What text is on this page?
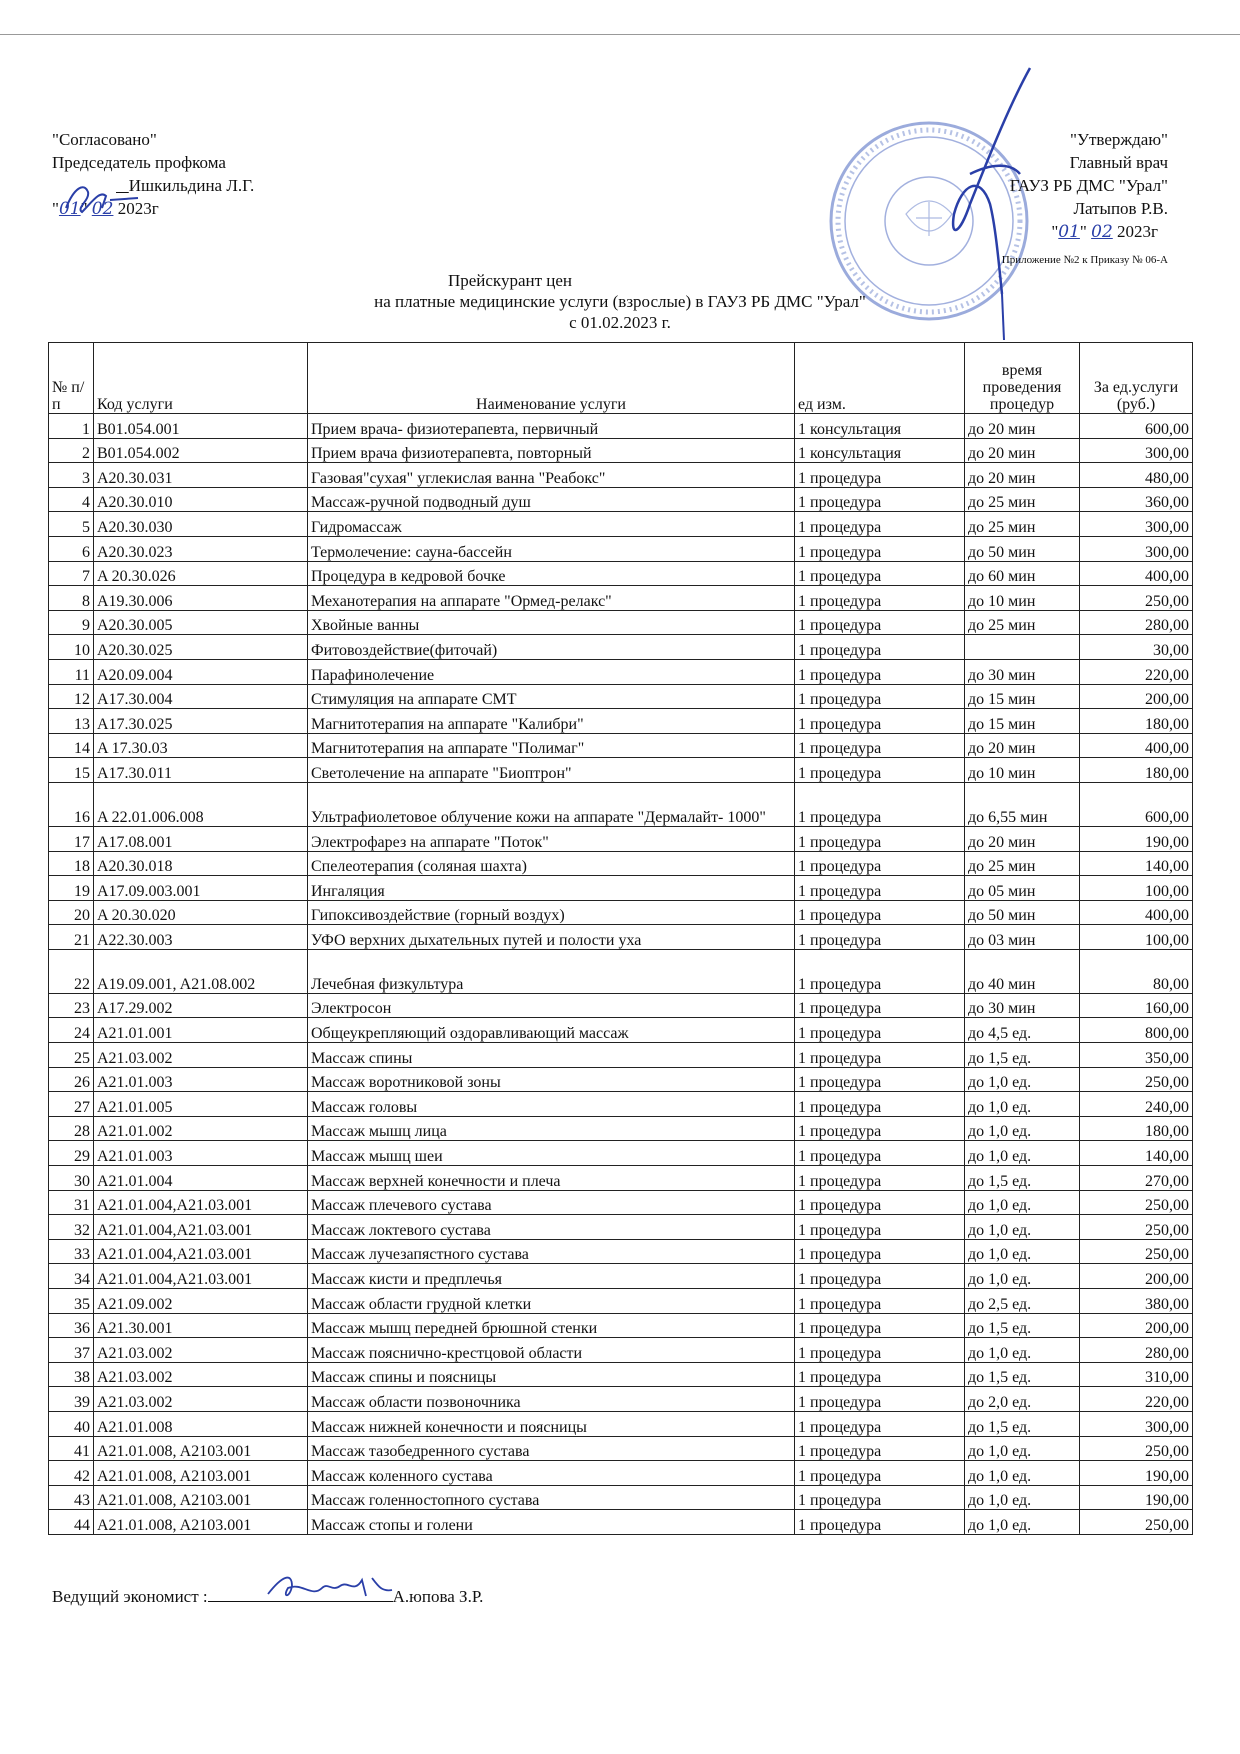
"Согласовано"
Председатель профкома
Ишкильдина Л.Г.
"01" 02 2023г
"Утверждаю"
Главный врач
ГАУЗ РБ ДМС "Урал"
Латыпов Р.В.
"01" 02 2023г
Приложение №2 к Приказу № 06-А
Прейскурант цен
на платные медицинские услуги (взрослые) в ГАУЗ РБ ДМС "Урал"
с 01.02.2023 г.
№ п/п	Код услуги	Наименование услуги	ед изм.	время проведения процедур	За ед.услуги (руб.)
1	B01.054.001	Прием врача- физиотерапевта, первичный	1 консультация	до 20 мин	600,00
2	B01.054.002	Прием врача физиотерапевта, повторный	1 консультация	до 20 мин	300,00
3	A20.30.031	Газовая"сухая" углекислая ванна "Реабокс"	1 процедура	до 20 мин	480,00
4	A20.30.010	Массаж-ручной подводный душ	1 процедура	до 25 мин	360,00
5	A20.30.030	Гидромассаж	1 процедура	до 25 мин	300,00
6	A20.30.023	Термолечение: сауна-бассейн	1 процедура	до 50 мин	300,00
7	A 20.30.026	Процедура в кедровой бочке	1 процедура	до 60 мин	400,00
8	A19.30.006	Механотерапия на аппарате "Ормед-релакс"	1 процедура	до 10 мин	250,00
9	A20.30.005	Хвойные ванны	1 процедура	до 25 мин	280,00
10	A20.30.025	Фитовоздействие(фиточай)	1 процедура		30,00
11	A20.09.004	Парафинолечение	1 процедура	до 30 мин	220,00
12	A17.30.004	Стимуляция на аппарате СМТ	1 процедура	до 15 мин	200,00
13	A17.30.025	Магнитотерапия на аппарате "Калибри"	1 процедура	до 15 мин	180,00
14	A 17.30.03	Магнитотерапия на аппарате "Полимаг"	1 процедура	до 20 мин	400,00
15	A17.30.011	Светолечение на аппарате "Биоптрон"	1 процедура	до 10 мин	180,00
16	A 22.01.006.008	Ультрафиолетовое облучение кожи на аппарате "Дермалайт- 1000"	1 процедура	до 6,55 мин	600,00
17	A17.08.001	Электрофарез на аппарате "Поток"	1 процедура	до 20 мин	190,00
18	A20.30.018	Спелеотерапия (соляная шахта)	1 процедура	до 25 мин	140,00
19	A17.09.003.001	Ингаляция	1 процедура	до 05 мин	100,00
20	A 20.30.020	Гипоксивоздействие (горный воздух)	1 процедура	до 50 мин	400,00
21	A22.30.003	УФО верхних дыхательных путей и полости уха	1 процедура	до 03 мин	100,00
22	A19.09.001, A21.08.002	Лечебная физкультура	1 процедура	до 40 мин	80,00
23	A17.29.002	Электросон	1 процедура	до 30 мин	160,00
24	A21.01.001	Общеукрепляющий оздоравливающий массаж	1 процедура	до 4,5 ед.	800,00
25	A21.03.002	Массаж спины	1 процедура	до 1,5 ед.	350,00
26	A21.01.003	Массаж воротниковой зоны	1 процедура	до 1,0 ед.	250,00
27	A21.01.005	Массаж головы	1 процедура	до 1,0 ед.	240,00
28	A21.01.002	Массаж мышц лица	1 процедура	до 1,0 ед.	180,00
29	A21.01.003	Массаж мышц шеи	1 процедура	до 1,0 ед.	140,00
30	A21.01.004	Массаж верхней конечности и плеча	1 процедура	до 1,5 ед.	270,00
31	A21.01.004,A21.03.001	Массаж плечевого сустава	1 процедура	до 1,0 ед.	250,00
32	A21.01.004,A21.03.001	Массаж локтевого сустава	1 процедура	до 1,0 ед.	250,00
33	A21.01.004,A21.03.001	Массаж лучезапястного сустава	1 процедура	до 1,0 ед.	250,00
34	A21.01.004,A21.03.001	Массаж кисти и предплечья	1 процедура	до 1,0 ед.	200,00
35	A21.09.002	Массаж области грудной клетки	1 процедура	до 2,5 ед.	380,00
36	A21.30.001	Массаж мышц передней брюшной стенки	1 процедура	до 1,5 ед.	200,00
37	A21.03.002	Массаж пояснично-крестцовой области	1 процедура	до 1,0 ед.	280,00
38	A21.03.002	Массаж спины и поясницы	1 процедура	до 1,5 ед.	310,00
39	A21.03.002	Массаж области позвоночника	1 процедура	до 2,0 ед.	220,00
40	A21.01.008	Массаж нижней конечности и поясницы	1 процедура	до 1,5 ед.	300,00
41	A21.01.008, A2103.001	Массаж тазобедренного сустава	1 процедура	до 1,0 ед.	250,00
42	A21.01.008, A2103.001	Массаж коленного сустава	1 процедура	до 1,0 ед.	190,00
43	A21.01.008, A2103.001	Массаж голенностопного сустава	1 процедура	до 1,0 ед.	190,00
44	A21.01.008, A2103.001	Массаж стопы и голени	1 процедура	до 1,0 ед.	250,00
Ведущий экономист :	А.юпова З.Р.
